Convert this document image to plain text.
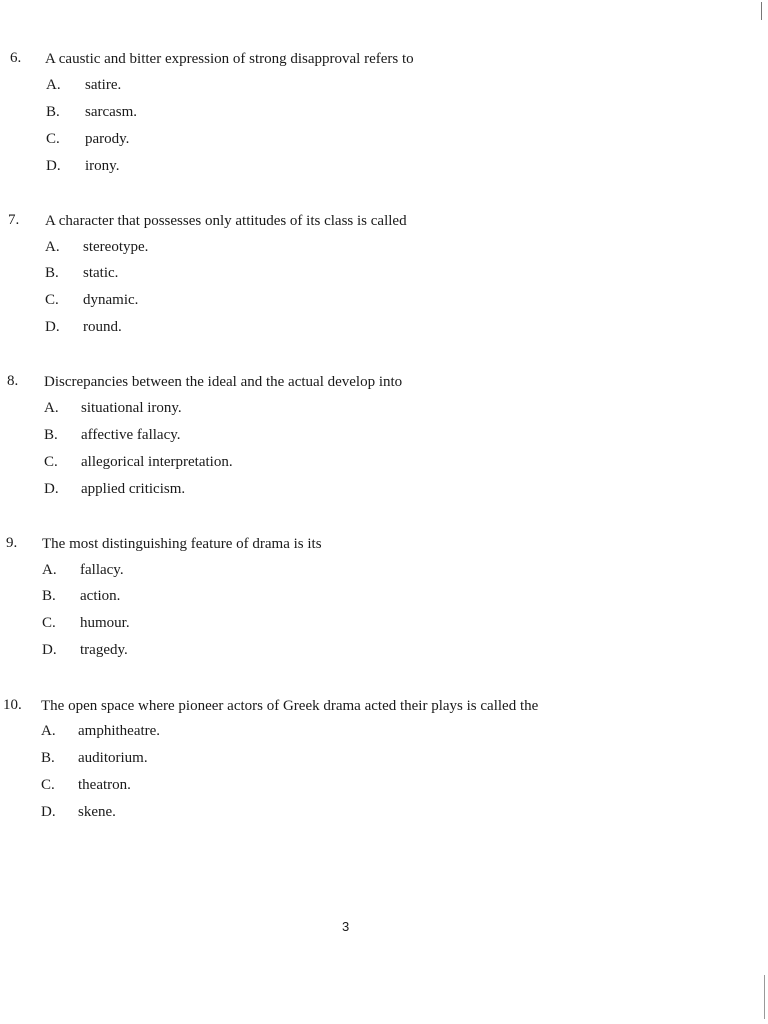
6. A caustic and bitter expression of strong disapproval refers to
A. satire.
B. sarcasm.
C. parody.
D. irony.
7. A character that possesses only attitudes of its class is called
A. stereotype.
B. static.
C. dynamic.
D. round.
8. Discrepancies between the ideal and the actual develop into
A. situational irony.
B. affective fallacy.
C. allegorical interpretation.
D. applied criticism.
9. The most distinguishing feature of drama is its
A. fallacy.
B. action.
C. humour.
D. tragedy.
10. The open space where pioneer actors of Greek drama acted their plays is called the
A. amphitheatre.
B. auditorium.
C. theatron.
D. skene.
3
